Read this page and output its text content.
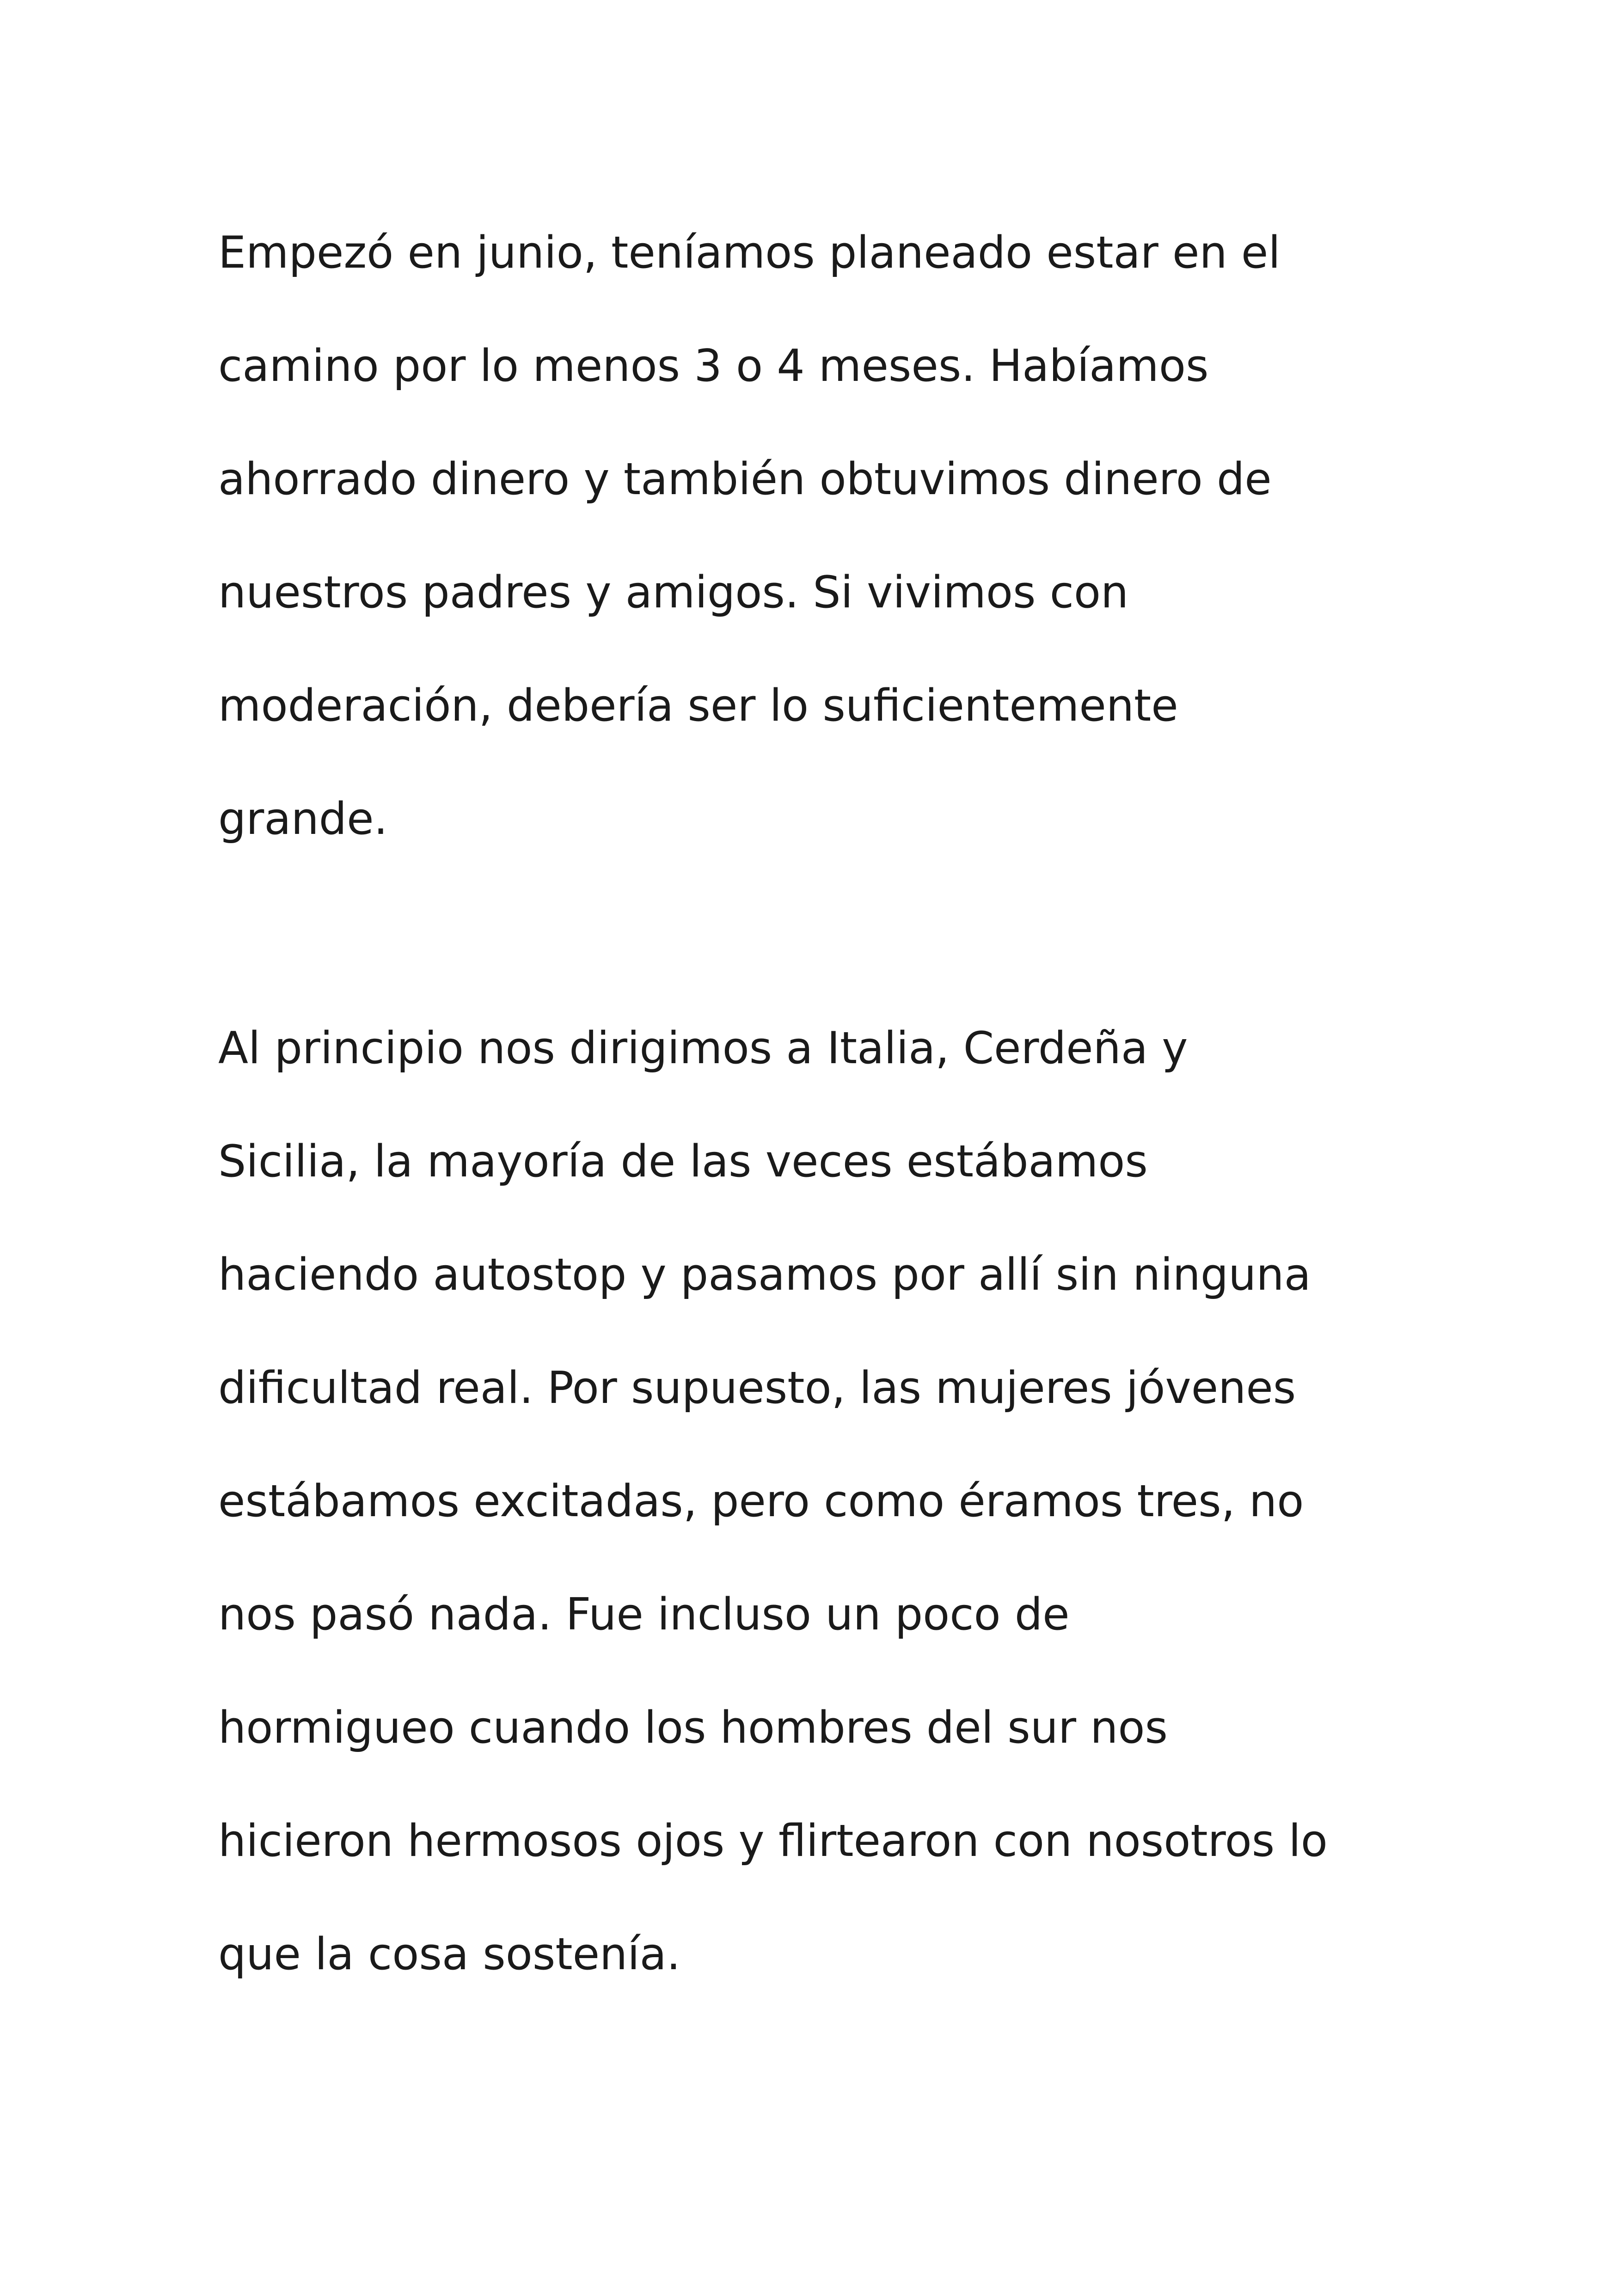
Empezó en junio, teníamos planeado estar en el
camino por lo menos 3 o 4 meses. Habíamos
ahorrado dinero y también obtuvimos dinero de
nuestros padres y amigos. Si vivimos con
moderación, debería ser lo suficientemente
grande.

Al principio nos dirigimos a Italia, Cerdeña y
Sicilia, la mayoría de las veces estábamos
haciendo autostop y pasamos por allí sin ninguna
dificultad real. Por supuesto, las mujeres jóvenes
estábamos excitadas, pero como éramos tres, no
nos pasó nada. Fue incluso un poco de
hormigueo cuando los hombres del sur nos
hicieron hermosos ojos y flirtearon con nosotros lo
que la cosa sostenía.
